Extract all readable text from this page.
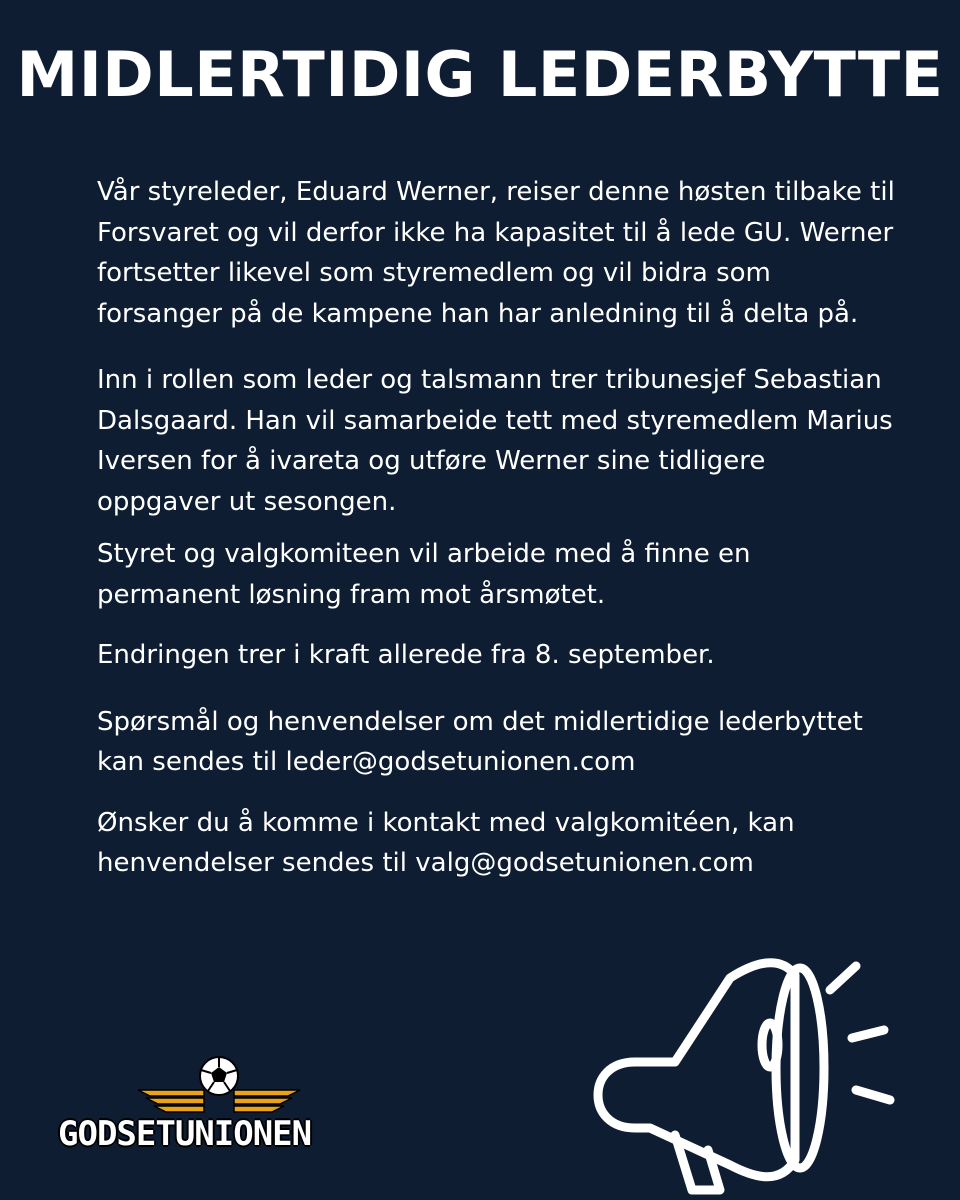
MIDLERTIDIG LEDERBYTTE

Vår styreleder, Eduard Werner, reiser denne høsten tilbake til Forsvaret og vil derfor ikke ha kapasitet til å lede GU. Werner fortsetter likevel som styremedlem og vil bidra som forsanger på de kampene han har anledning til å delta på.

Inn i rollen som leder og talsmann trer tribunesjef Sebastian Dalsgaard. Han vil samarbeide tett med styremedlem Marius Iversen for å ivareta og utføre Werner sine tidligere oppgaver ut sesongen.

Styret og valgkomiteen vil arbeide med å finne en permanent løsning fram mot årsmøtet.

Endringen trer i kraft allerede fra 8. september.

Spørsmål og henvendelser om det midlertidige lederbyttet kan sendes til leder@godsetunionen.com

Ønsker du å komme i kontakt med valgkomitéen, kan henvendelser sendes til valg@godsetunionen.com

GODSETUNIONEN
